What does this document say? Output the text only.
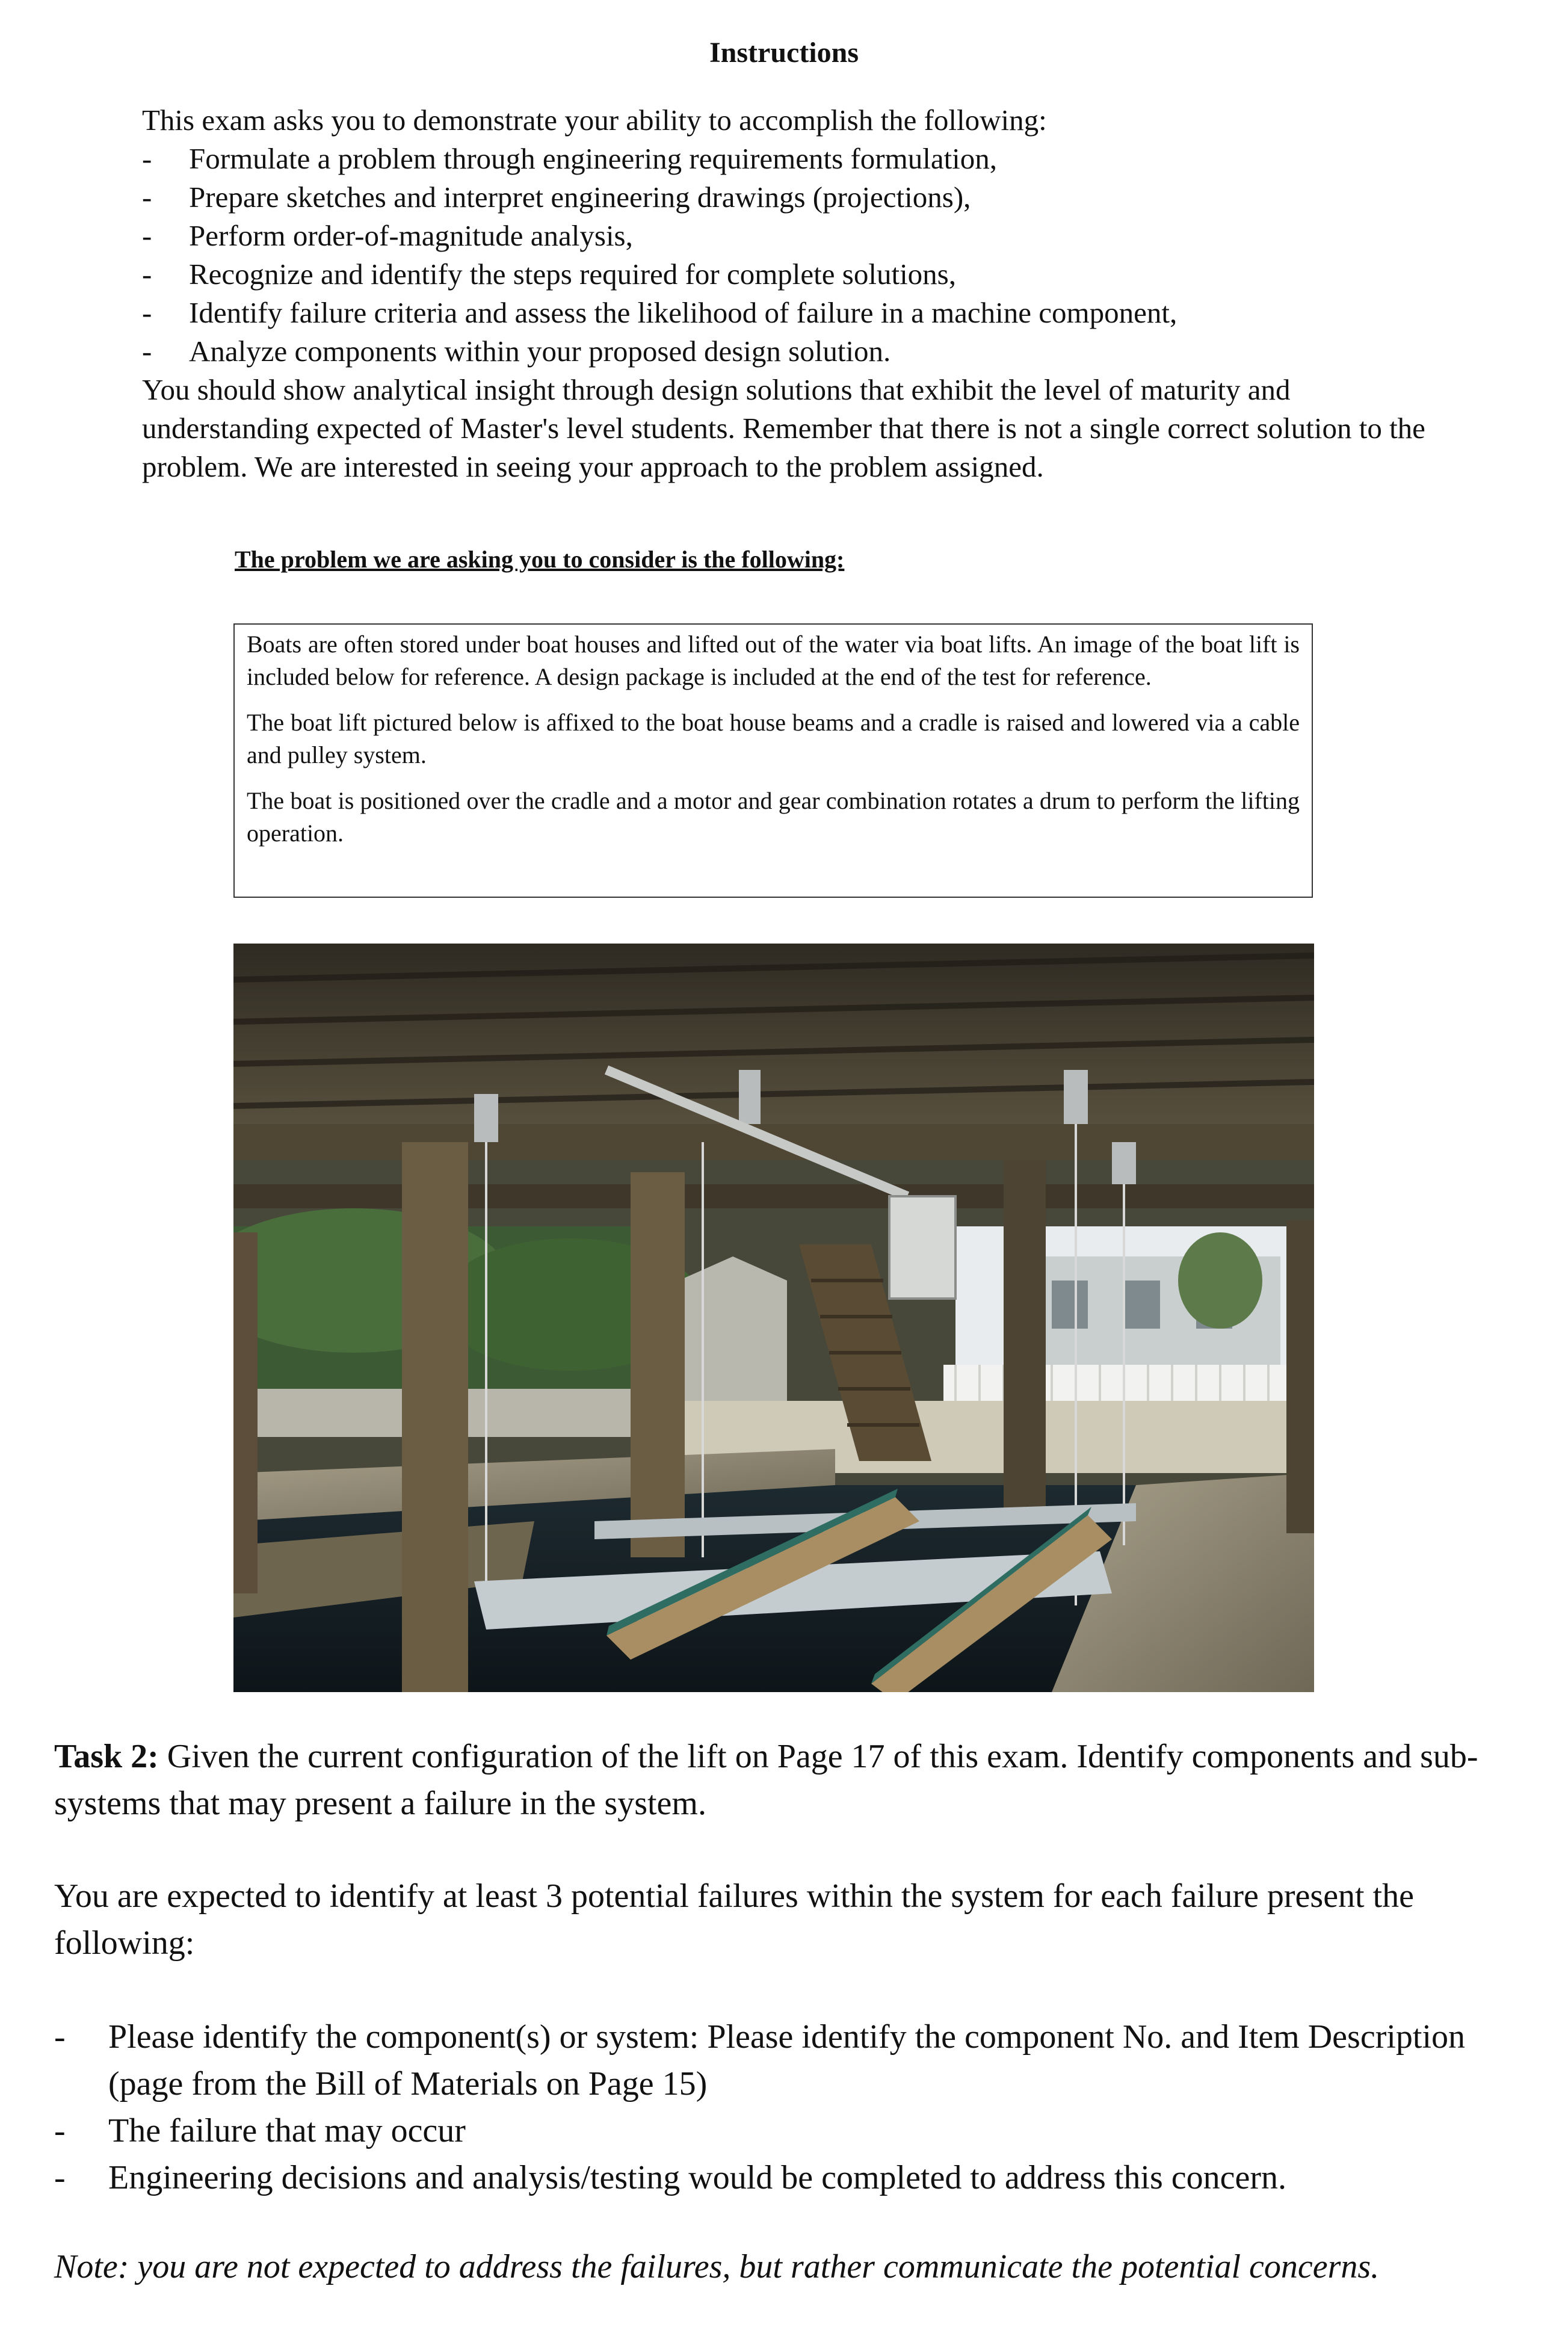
Instructions

This exam asks you to demonstrate your ability to accomplish the following:

- Formulate a problem through engineering requirements formulation,
- Prepare sketches and interpret engineering drawings (projections),
- Perform order-of-magnitude analysis,
- Recognize and identify the steps required for complete solutions,
- Identify failure criteria and assess the likelihood of failure in a machine component,
- Analyze components within your proposed design solution.

You should show analytical insight through design solutions that exhibit the level of maturity and understanding expected of Master's level students. Remember that there is not a single correct solution to the problem. We are interested in seeing your approach to the problem assigned.

The problem we are asking you to consider is the following:

Boats are often stored under boat houses and lifted out of the water via boat lifts. An image of the boat lift is included below for reference. A design package is included at the end of the test for reference.

The boat lift pictured below is affixed to the boat house beams and a cradle is raised and lowered via a cable and pulley system.

The boat is positioned over the cradle and a motor and gear combination rotates a drum to perform the lifting operation.

Task 2: Given the current configuration of the lift on Page 17 of this exam. Identify components and sub-systems that may present a failure in the system.

You are expected to identify at least 3 potential failures within the system for each failure present the following:

- Please identify the component(s) or system: Please identify the component No. and Item Description (page from the Bill of Materials on Page 15)
- The failure that may occur
- Engineering decisions and analysis/testing would be completed to address this concern.

Note: you are not expected to address the failures, but rather communicate the potential concerns.
